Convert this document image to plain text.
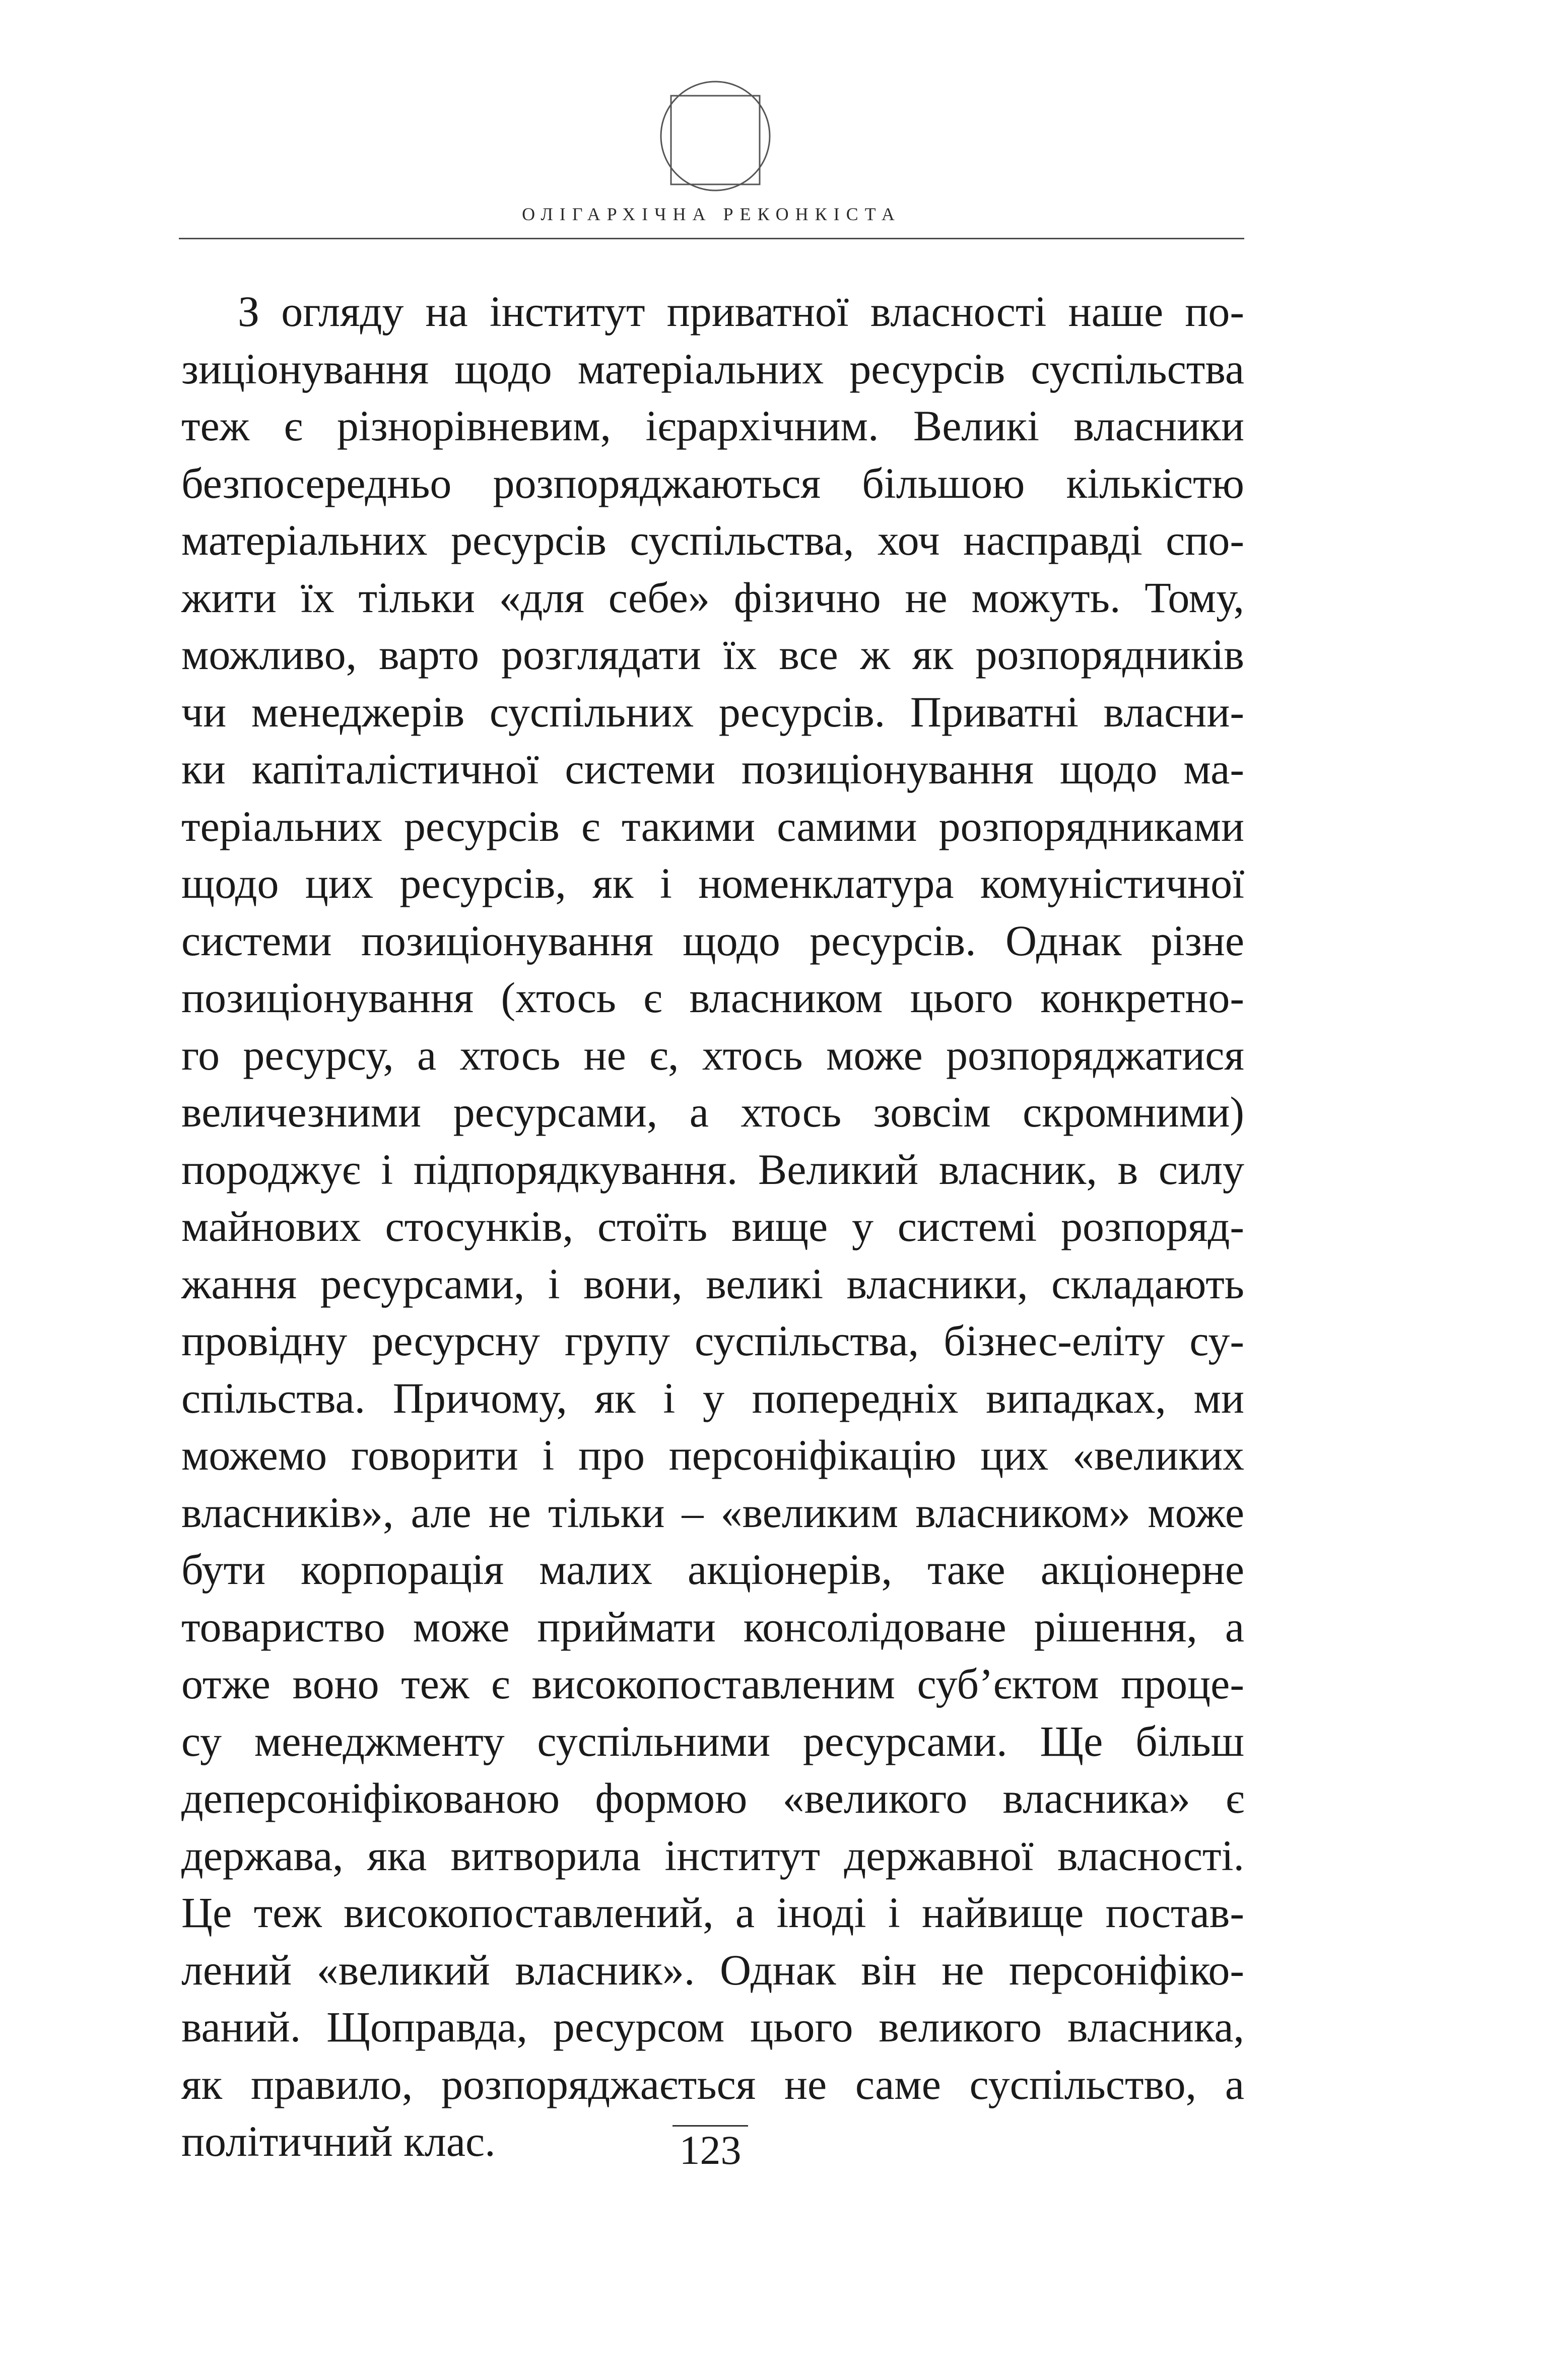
ОЛІГАРХІЧНА РЕКОНКІСТА
З огляду на інститут приватної власності наше по-
зиціонування щодо матеріальних ресурсів суспільства
теж є різнорівневим, ієрархічним. Великі власники
безпосередньо розпоряджаються більшою кількістю
матеріальних ресурсів суспільства, хоч насправді спо-
жити їх тільки «для себе» фізично не можуть. Тому,
можливо, варто розглядати їх все ж як розпорядників
чи менеджерів суспільних ресурсів. Приватні власни-
ки капіталістичної системи позиціонування щодо ма-
теріальних ресурсів є такими самими розпорядниками
щодо цих ресурсів, як і номенклатура комуністичної
системи позиціонування щодо ресурсів. Однак різне
позиціонування (хтось є власником цього конкретно-
го ресурсу, а хтось не є, хтось може розпоряджатися
величезними ресурсами, а хтось зовсім скромними)
породжує і підпорядкування. Великий власник, в силу
майнових стосунків, стоїть вище у системі розпоряд-
жання ресурсами, і вони, великі власники, складають
провідну ресурсну групу суспільства, бізнес-еліту су-
спільства. Причому, як і у попередніх випадках, ми
можемо говорити і про персоніфікацію цих «великих
власників», але не тільки – «великим власником» може
бути корпорація малих акціонерів, таке акціонерне
товариство може приймати консолідоване рішення, а
отже воно теж є високопоставленим суб’єктом проце-
су менеджменту суспільними ресурсами. Ще більш
деперсоніфікованою формою «великого власника» є
держава, яка витворила інститут державної власності.
Це теж високопоставлений, а іноді і найвище постав-
лений «великий власник». Однак він не персоніфіко-
ваний. Щоправда, ресурсом цього великого власника,
як правило, розпоряджається не саме суспільство, а
політичний клас.	123
